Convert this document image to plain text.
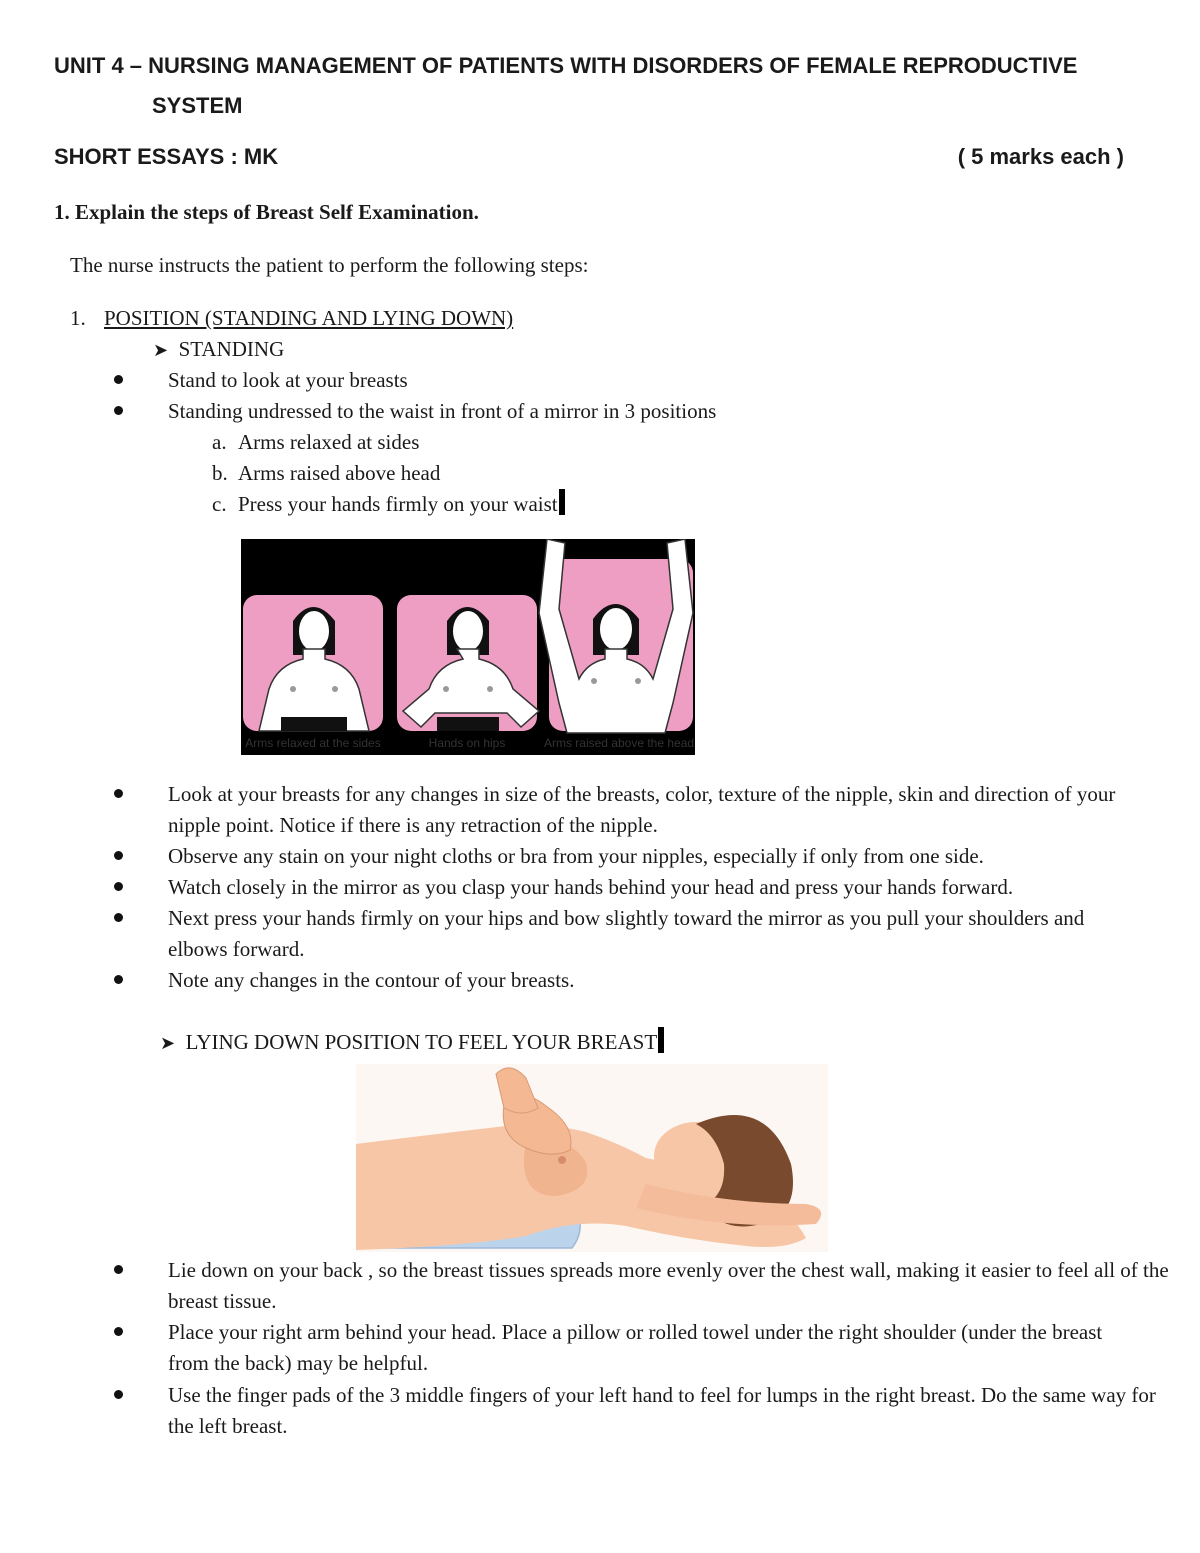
UNIT 4 – NURSING MANAGEMENT OF PATIENTS WITH DISORDERS OF FEMALE REPRODUCTIVE
SYSTEM
SHORT ESSAYS : MK	( 5 marks each )
1. Explain the steps of Breast Self Examination.
The nurse instructs the patient to perform the following steps:
1. POSITION (STANDING AND LYING DOWN)
➤ STANDING
Stand to look at your breasts
Standing undressed to the waist in front of a mirror in 3 positions
a. Arms relaxed at sides
b. Arms raised above head
c. Press your hands firmly on your waist
Arms relaxed at the sides	Hands on hips	Arms raised above the head
Look at your breasts for any changes in size of the breasts, color, texture of the nipple, skin and direction of your nipple point. Notice if there is any retraction of the nipple.
Observe any stain on your night cloths or bra from your nipples, especially if only from one side.
Watch closely in the mirror as you clasp your hands behind your head and press your hands forward.
Next press your hands firmly on your hips and bow slightly toward the mirror as you pull your shoulders and elbows forward.
Note any changes in the contour of your breasts.
➤ LYING DOWN POSITION TO FEEL YOUR BREAST
Lie down on your back , so the breast tissues spreads more evenly over the chest wall, making it easier to feel all of the breast tissue.
Place your right arm behind your head. Place a pillow or rolled towel under the right shoulder (under the breast from the back) may be helpful.
Use the finger pads of the 3 middle fingers of your left hand to feel for lumps in the right breast. Do the same way for the left breast.
